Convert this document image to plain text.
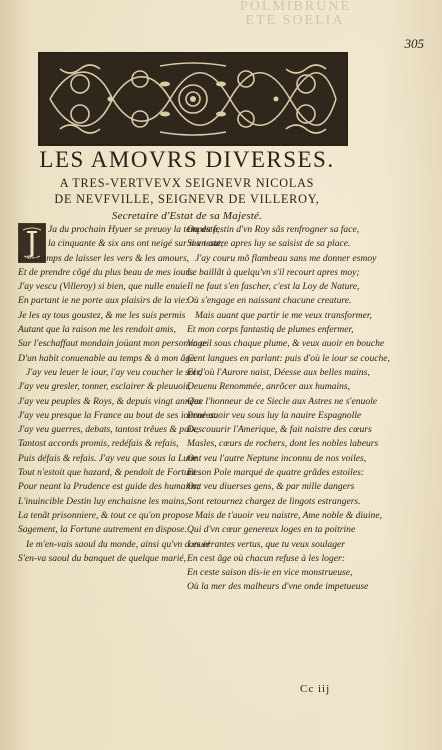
POLMIBRUNE
ETE SOELIA
305
LES AMOVRS DIVERSES.
A TRES-VERTVEVX SEIGNEVR NICOLAS
DE NEVFVILLE, SEIGNEVR DE VILLEROY,
Secretaire d'Estat de sa Majesté.
Ja du prochain Hyuer se preuoy la tempeste,
la cinquante & six ans ont neigé sur ma teste,
Il est temps de laisser les vers & les amours,
Et de prendre cõgé du plus beau de mes iours.
J'ay vescu (Villeroy) si bien, que nulle enuie
En partant ie ne porte aux plaisirs de la vie:
Je les ay tous goustez, & me les suis permis
Autant que la raison me les rendoit amis,
Sur l'eschaffaut mondain joüant mon personnage
D'un habit conuenable au temps & à mon âge.
J'ay veu leuer le iour, i'ay veu coucher le soir,
J'ay veu gresler, tonner, esclairer & pleuuoir,
J'ay veu peuples & Roys, & depuis vingt années
J'ay veu presque la France au bout de ses iournées:
J'ay veu guerres, debats, tantost trêues & paix,
Tantost accords promis, redéfais & refais,
Puis défais & refais. J'ay veu que sous la Lune
Tout n'estoit que hazard, & pendoit de Fortune.
Pour neant la Prudence est guide des humains;
L'inuincible Destin luy enchaisne les mains,
La tenãt prisonniere, & tout ce qu'on propose
Sagement, la Fortune autrement en dispose.
Ie m'en-vais saoul du monde, ainsi qu'vn conuié
S'en-va saoul du banquet de quelque marié,
Ou du festin d'vn Roy sãs renfrogner sa face,
Si vn autre apres luy se saisist de sa place.
J'ay couru mõ flambeau sans me donner esmoy
Le baillãt à quelqu'vn s'il recourt apres moy;
Il ne faut s'en fascher, c'est la Loy de Nature,
Où s'engage en naissant chacune creature.
Mais auant que partir ie me veux transformer,
Et mon corps fantastiq de plumes enfermer,
Vn œil sous chaque plume, & veux auoir en bouche
Cent langues en parlant: puis d'où le iour se couche,
Et d'où l'Aurore naist, Déesse aux belles mains,
Deuenu Renommée, anrõcer aux humains,
Que l'honneur de ce Siecle aux Astres ne s'enuole
Pour auoir veu sous luy la nauire Espagnolle
Descouurir l'Amerique, & fait naistre des cœurs
Masles, cœurs de rochers, dont les nobles labeurs
Ont veu l'autre Neptune inconnu de nos voiles,
Et son Pole marqué de quatre grãdes estoiles:
Ont veu diuerses gens, & par mille dangers
Sont retournez chargez de lingots estrangers.
Mais de t'auoir veu naistre, Ame noble & diuine,
Qui d'vn cœur genereux loges en ta poitrine
Les errantes vertus, que tu veux soulager
En cest âge où chacun refuse à les loger:
En ceste saison dis-ie en vice monstrueuse,
Où la mer des malheurs d'vne onde impetueuse
Cc iij
